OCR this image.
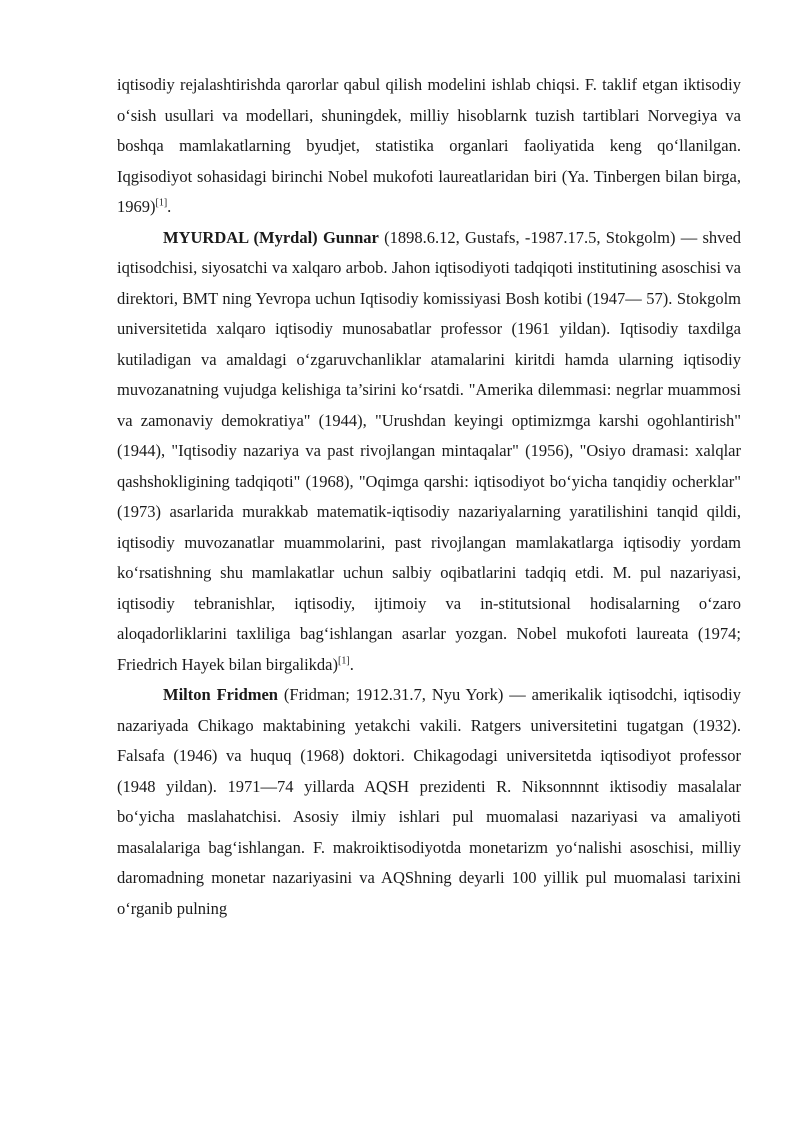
iqtisodiy rejalashtirishda qarorlar qabul qilish modelini ishlab chiqsi. F. taklif etgan iktisodiy o‘sish usullari va modellari, shuningdek, milliy hisoblarnk tuzish tartiblari Norvegiya va boshqa mamlakatlarning byudjet, statistika organlari faoliyatida keng qo‘llanilgan. Iqgisodiyot sohasidagi birinchi Nobel mukofoti laureatlaridan biri (Ya. Tinbergen bilan birga, 1969)[1].

MYURDAL (Myrdal) Gunnar (1898.6.12, Gustafs, -1987.17.5, Stokgolm) — shved iqtisodchisi, siyosatchi va xalqaro arbob. Jahon iqtisodiyoti tadqiqoti institutining asoschisi va direktori, BMT ning Yevropa uchun Iqtisodiy komissiyasi Bosh kotibi (1947— 57). Stokgolm universitetida xalqaro iqtisodiy munosabatlar professor (1961 yildan). Iqtisodiy taxdilga kutiladigan va amaldagi o‘zgaruvchanliklar atamalarini kiritdi hamda ularning iqtisodiy muvozanatning vujudga kelishiga ta’sirini ko‘rsatdi. "Amerika dilemmasi: negrlar muammosi va zamonaviy demokratiya" (1944), "Urushdan keyingi optimizmga karshi ogohlantirish" (1944), "Iqtisodiy nazariya va past rivojlangan mintaqalar" (1956), "Osiyo dramasi: xalqlar qashshokligining tadqiqoti" (1968), "Oqimga qarshi: iqtisodiyot bo‘yicha tanqidiy ocherklar" (1973) asarlarida murakkab matematik-iqtisodiy nazariyalarning yaratilishini tanqid qildi, iqtisodiy muvozanatlar muammolarini, past rivojlangan mamlakatlarga iqtisodiy yordam ko‘rsatishning shu mamlakatlar uchun salbiy oqibatlarini tadqiq etdi. M. pul nazariyasi, iqtisodiy tebranishlar, iqtisodiy, ijtimoiy va in-stitutsional hodisalarning o‘zaro aloqadorliklarini taxliliga bag‘ishlangan asarlar yozgan. Nobel mukofoti laureata (1974; Friedrich Hayek bilan birgalikda)[1].

Milton Fridmen (Fridman; 1912.31.7, Nyu York) — amerikalik iqtisodchi, iqtisodiy nazariyada Chikago maktabining yetakchi vakili. Ratgers universitetini tugatgan (1932). Falsafa (1946) va huquq (1968) doktori. Chikagodagi universitetda iqtisodiyot professor (1948 yildan). 1971—74 yillarda AQSH prezidenti R. Niksonnnnt iktisodiy masalalar bo‘yicha maslahatchisi. Asosiy ilmiy ishlari pul muomalasi nazariyasi va amaliyoti masalalariga bag‘ishlangan. F. makroiktisodiyotda monetarizm yo‘nalishi asoschisi, milliy daromadning monetar nazariyasini va AQShning deyarli 100 yillik pul muomalasi tarixini o‘rganib pulning
